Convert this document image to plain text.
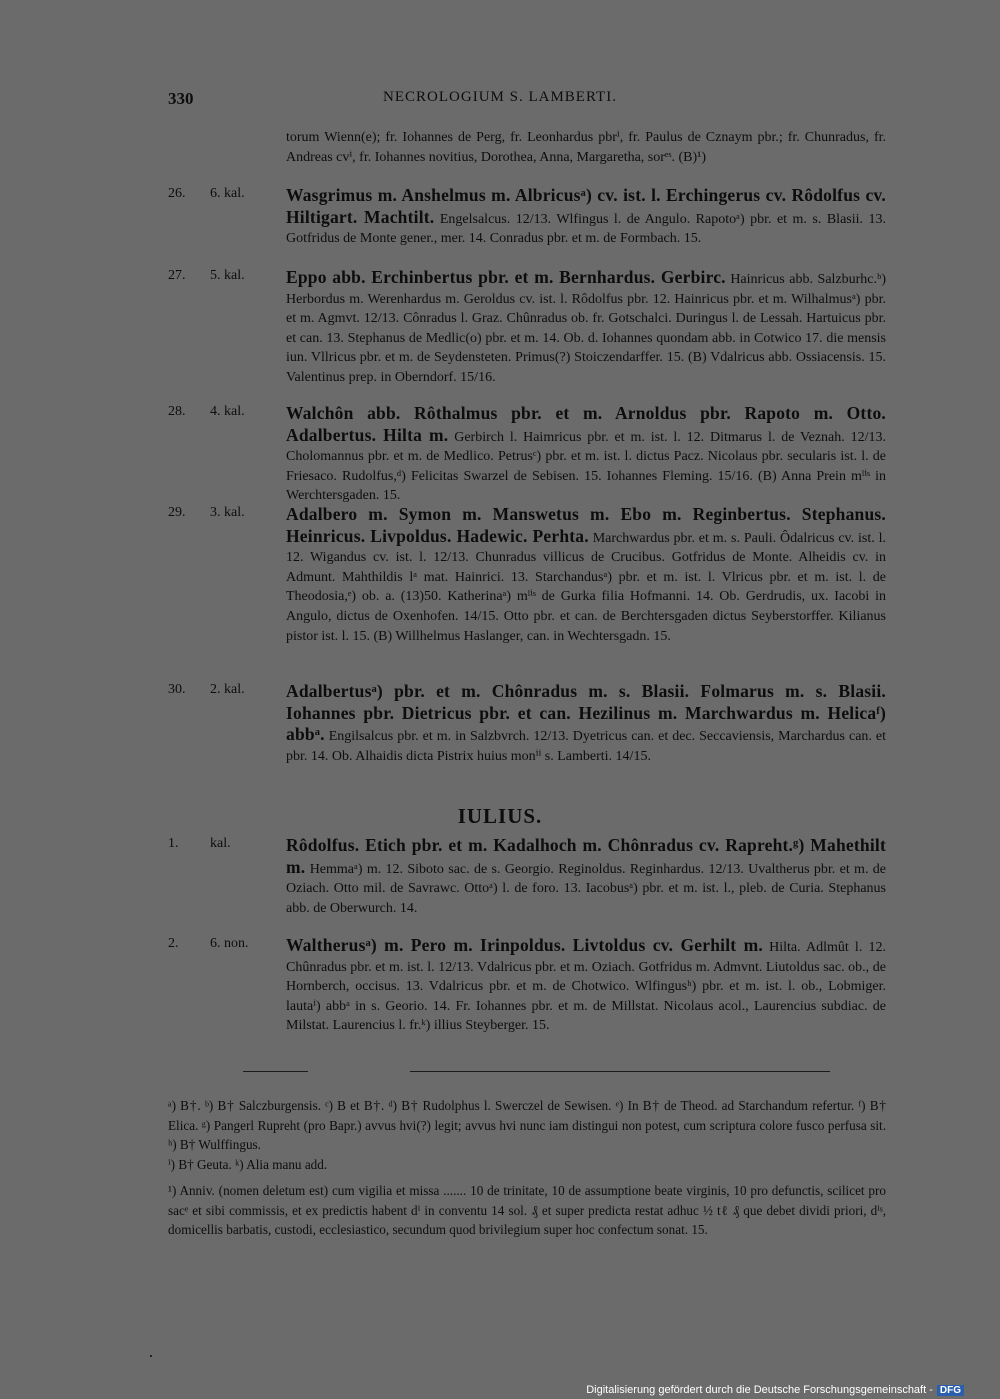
330	NECROLOGIUM S. LAMBERTI.
torum Wienn(e); fr. Iohannes de Perg, fr. Leonhardus pbrⁱ, fr. Paulus de Cznaym pbr.; fr. Chunradus, fr. Andreas cvⁱ, fr. Iohannes novitius, Dorothea, Anna, Margaretha, sorᵉˢ. (B)¹)
26.	6. kal.	Wasgrimus m. Anshelmus m. Albricusᵃ) cv. ist. l. Erchingerus cv. Rôdolfus cv. Hiltigart. Machtilt. Engelsalcus. 12/13. Wlfingus l. de Angulo. Rapotoᵃ) pbr. et m. s. Blasii. 13. Gotfridus de Monte gener., mer. 14. Conradus pbr. et m. de Formbach. 15.
27.	5. kal.	Eppo abb. Erchinbertus pbr. et m. Bernhardus. Gerbirc. Hainricus abb. Salzburhc.ᵇ) Herbordus m. Werenhardus m. Geroldus cv. ist. l. Rôdolfus pbr. 12. Hainricus pbr. et m. Wilhalmusᵃ) pbr. et m. Agmvt. 12/13. Cônradus l. Graz. Chûnradus ob. fr. Gotschalci. Duringus l. de Lessah. Hartuicus pbr. et can. 13. Stephanus de Medlic(o) pbr. et m. 14. Ob. d. Iohannes quondam abb. in Cotwico 17. die mensis iun. Vllricus pbr. et m. de Seydensteten. Primus(?) Stoiczendarffer. 15. (B) Vdalricus abb. Ossiacensis. 15. Valentinus prep. in Oberndorf. 15/16.
28.	4. kal.	Walchôn abb. Rôthalmus pbr. et m. Arnoldus pbr. Rapoto m. Otto. Adalbertus. Hilta m. Gerbirch l. Haimricus pbr. et m. ist. l. 12. Ditmarus l. de Veznah. 12/13. Cholomannus pbr. et m. de Medlico. Petrusᶜ) pbr. et m. ist. l. dictus Pacz. Nicolaus pbr. secularis ist. l. de Friesaco. Rudolfus,ᵈ) Felicitas Swarzel de Sebisen. 15. Iohannes Fleming. 15/16. (B) Anna Prein mˡⁱˢ in Werchtersgaden. 15.
29.	3. kal.	Adalbero m. Symon m. Manswetus m. Ebo m. Reginbertus. Stephanus. Heinricus. Livpoldus. Hadewic. Perhta. Marchwardus pbr. et m. s. Pauli. Ôdalricus cv. ist. l. 12. Wigandus cv. ist. l. 12/13. Chunradus villicus de Crucibus. Gotfridus de Monte. Alheidis cv. in Admunt. Mahthildis lᵃ mat. Hainrici. 13. Starchandusᵃ) pbr. et m. ist. l. Vlricus pbr. et m. ist. l. de Theodosia,ᵉ) ob. a. (13)50. Katherinaᵃ) mˡⁱˢ de Gurka filia Hofmanni. 14. Ob. Gerdrudis, ux. Iacobi in Angulo, dictus de Oxenhofen. 14/15. Otto pbr. et can. de Berchtersgaden dictus Seyberstorffer. Kilianus pistor ist. l. 15. (B) Willhelmus Haslanger, can. in Wechtersgadn. 15.
30.	2. kal.	Adalbertusᵃ) pbr. et m. Chônradus m. s. Blasii. Folmarus m. s. Blasii. Iohannes pbr. Dietricus pbr. et can. Hezilinus m. Marchwardus m. Helicaᶠ) abbᵃ. Engilsalcus pbr. et m. in Salzbvrch. 12/13. Dyetricus can. et dec. Seccaviensis, Marchardus can. et pbr. 14. Ob. Alhaidis dicta Pistrix huius monⁱⁱ s. Lamberti. 14/15.
IULIUS.
1.	kal.	Rôdolfus. Etich pbr. et m. Kadalhoch m. Chônradus cv. Rapreht.ᵍ) Mahethilt m. Hemmaᵃ) m. 12. Siboto sac. de s. Georgio. Reginoldus. Reginhardus. 12/13. Uvaltherus pbr. et m. de Oziach. Otto mil. de Savrawc. Ottoᵃ) l. de foro. 13. Iacobusᵃ) pbr. et m. ist. l., pleb. de Curia. Stephanus abb. de Oberwurch. 14.
2.	6. non.	Waltherusᵃ) m. Pero m. Irinpoldus. Livtoldus cv. Gerhilt m. Hilta. Adlmût l. 12. Chûnradus pbr. et m. ist. l. 12/13. Vdalricus pbr. et m. Oziach. Gotfridus m. Admvnt. Liutoldus sac. ob., de Hornberch, occisus. 13. Vdalricus pbr. et m. de Chotwico. Wlfingusʰ) pbr. et m. ist. l. ob., Lobmiger. lautaⁱ) abbᵃ in s. Georio. 14. Fr. Iohannes pbr. et m. de Millstat. Nicolaus acol., Laurencius subdiac. de Milstat. Laurencius l. fr.ᵏ) illius Steyberger. 15.
ᵃ) B†. ᵇ) B† Salczburgensis. ᶜ) B et B†. ᵈ) B† Rudolphus l. Swerczel de Sewisen. ᵉ) In B† de Theod. ad Starchandum refertur. ᶠ) B† Elica. ᵍ) Pangerl Rupreht (pro Bapr.) avvus hvi(?) legit; avvus hvi nunc iam distingui non potest, cum scriptura colore fusco perfusa sit. ʰ) B† Wulffingus.
ⁱ) B† Geuta. ᵏ) Alia manu add.
¹) Anniv. (nomen deletum est) cum vigilia et missa ....... 10 de trinitate, 10 de assumptione beate virginis, 10 pro defunctis, scilicet pro sacᵉ et sibi commissis, et ex predictis habent dⁱ in conventu 14 sol. ₰ et super predicta restat adhuc ½ tℓ ₰ que debet dividi priori, dⁱˢ, domicellis barbatis, custodi, ecclesiastico, secundum quod brivilegium super hoc confectum sonat. 15.
Digitalisierung gefördert durch die Deutsche Forschungsgemeinschaft - DFG
